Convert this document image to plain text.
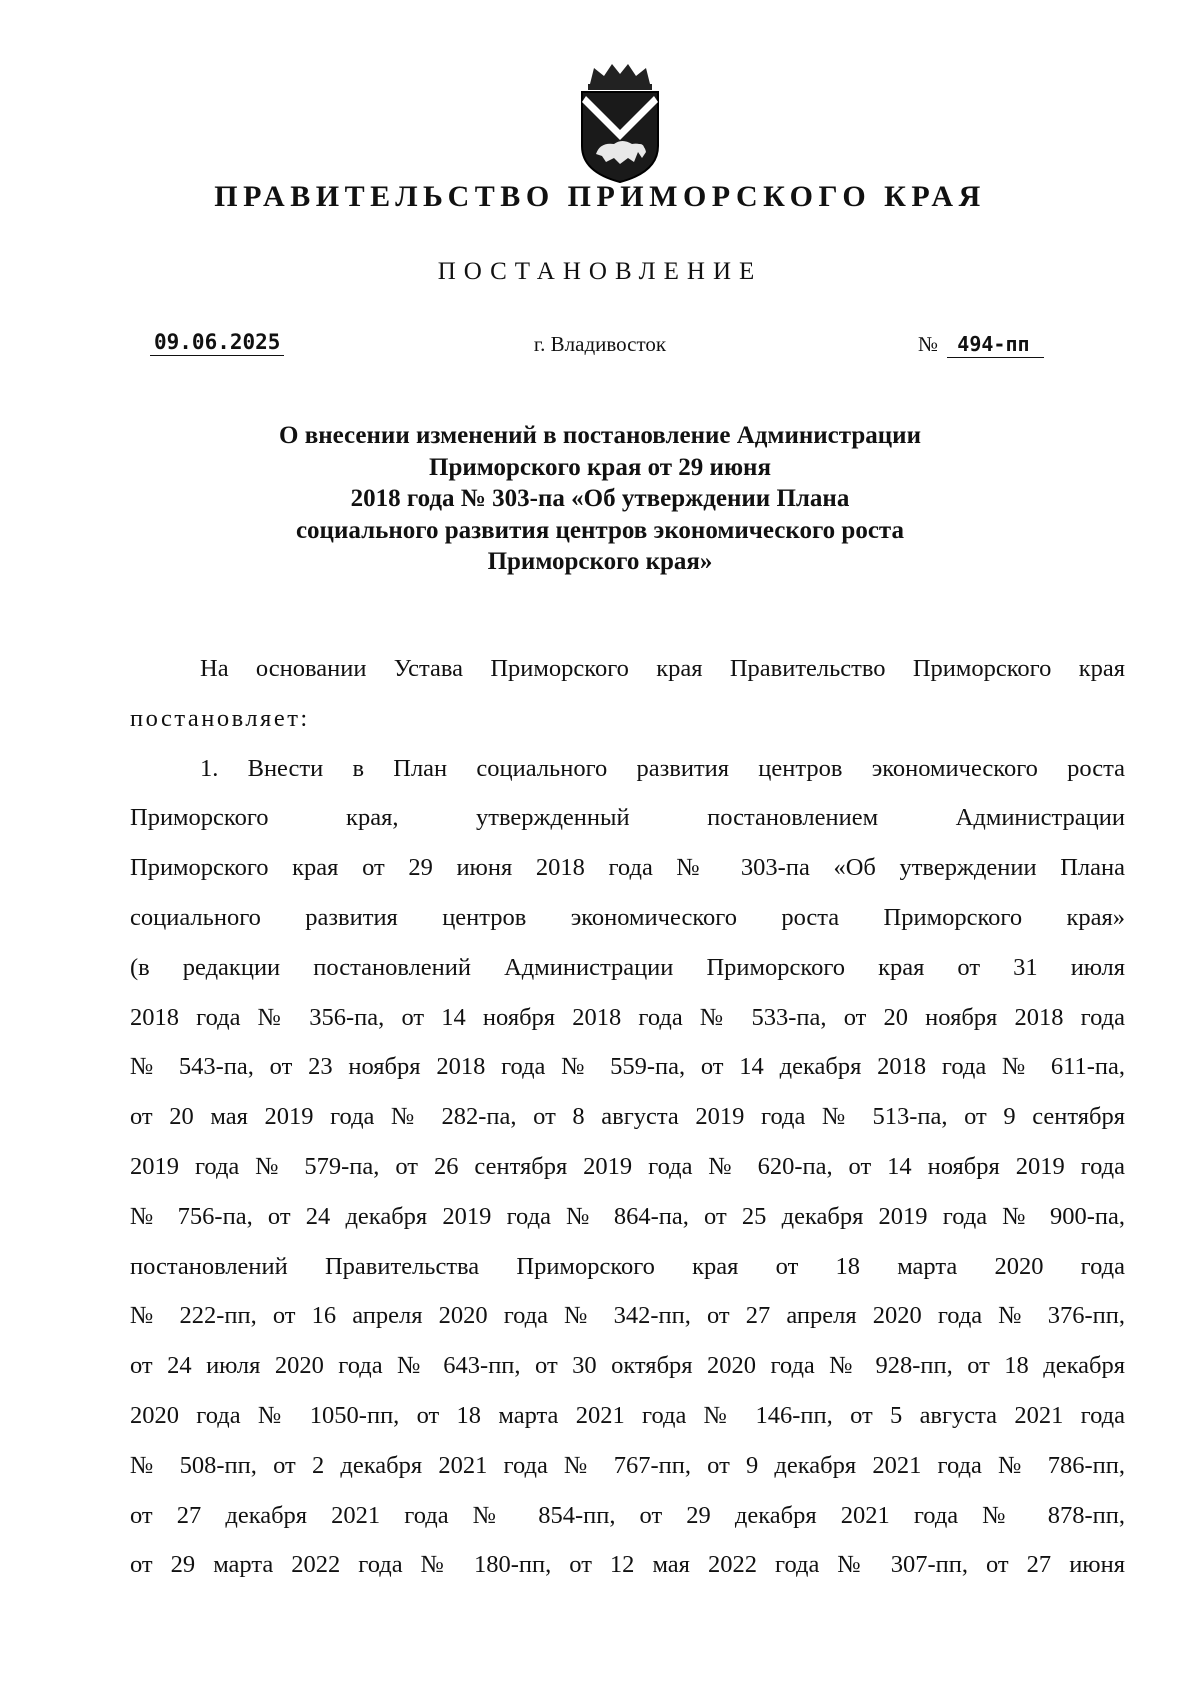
ПРАВИТЕЛЬСТВО ПРИМОРСКОГО КРАЯ
ПОСТАНОВЛЕНИЕ
09.06.2025	г. Владивосток	№ 494-пп
О внесении изменений в постановление Администрации
Приморского края от 29 июня
2018 года № 303-па «Об утверждении Плана
социального развития центров экономического роста
Приморского края»
На основании Устава Приморского края Правительство Приморского края
постановляет:
1. Внести в План социального развития центров экономического роста
Приморского края, утвержденный постановлением Администрации
Приморского края от 29 июня 2018 года № 303-па «Об утверждении Плана
социального развития центров экономического роста Приморского края»
(в редакции постановлений Администрации Приморского края от 31 июля
2018 года № 356-па, от 14 ноября 2018 года № 533-па, от 20 ноября 2018 года
№ 543-па, от 23 ноября 2018 года № 559-па, от 14 декабря 2018 года № 611-па,
от 20 мая 2019 года № 282-па, от 8 августа 2019 года № 513-па, от 9 сентября
2019 года № 579-па, от 26 сентября 2019 года № 620-па, от 14 ноября 2019 года
№ 756-па, от 24 декабря 2019 года № 864-па, от 25 декабря 2019 года № 900-па,
постановлений Правительства Приморского края от 18 марта 2020 года
№ 222-пп, от 16 апреля 2020 года № 342-пп, от 27 апреля 2020 года № 376-пп,
от 24 июля 2020 года № 643-пп, от 30 октября 2020 года № 928-пп, от 18 декабря
2020 года № 1050-пп, от 18 марта 2021 года № 146-пп, от 5 августа 2021 года
№ 508-пп, от 2 декабря 2021 года № 767-пп, от 9 декабря 2021 года № 786-пп,
от 27 декабря 2021 года № 854-пп, от 29 декабря 2021 года № 878-пп,
от 29 марта 2022 года № 180-пп, от 12 мая 2022 года № 307-пп, от 27 июня
